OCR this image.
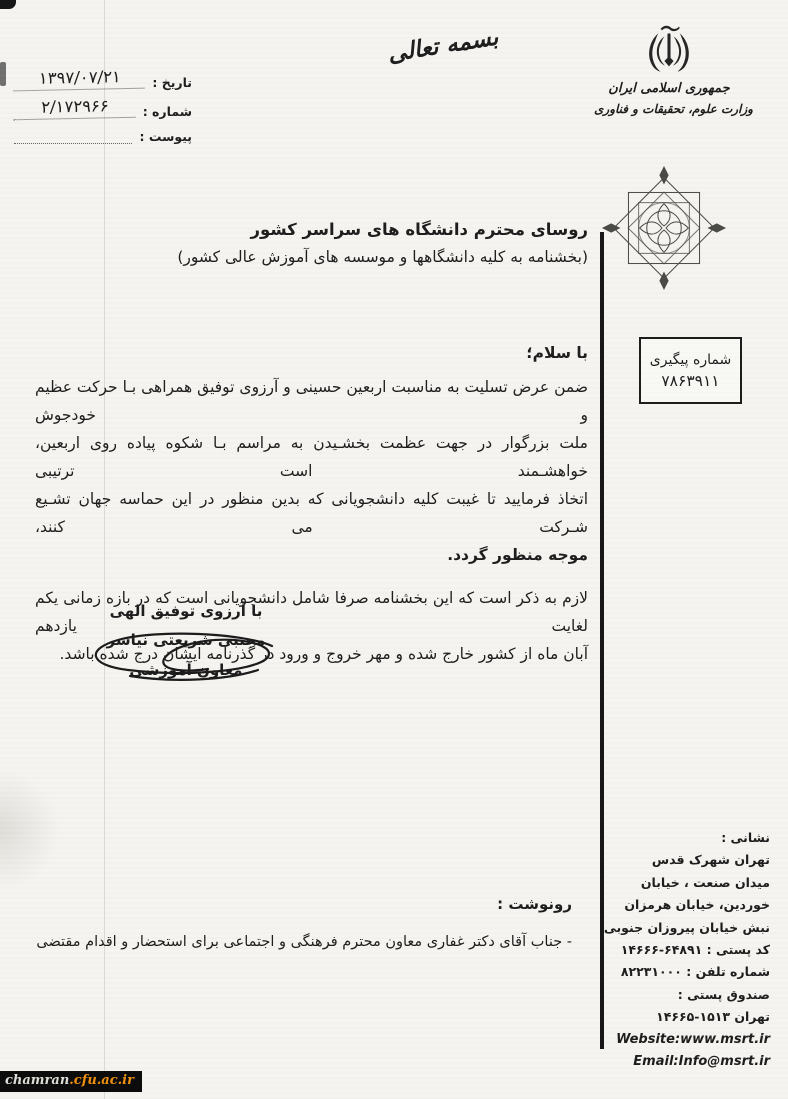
تاریخ :
۱۳۹۷/۰۷/۲۱
شماره :
۲/۱۷۲۹۶۶
پیوست :
بسمه تعالی
جمهوری اسلامی ایران
وزارت علوم، تحقیقات و فناوری
شماره پیگیری
۷۸۶۳۹۱۱
روسای محترم دانشگاه های سراسر کشور
(بخشنامه به کلیه دانشگاهها و موسسه های آموزش عالی کشور)
با سلام؛
ضمن عرض تسلیت به مناسبت اربعین حسینی و آرزوی توفیق همراهی بـا حرکت عظیم و خودجوش
ملت بزرگوار در جهت عظمت بخشـیدن به مراسم بـا شکوه پیاده روی اربعین، خواهشـمند است ترتیبی
اتخاذ فرمایید تا غیبت کلیه دانشجویانی که بدین منظور در این حماسه جهان تشـیع شـرکت می کنند،
موجه منظور گردد.
لازم به ذکر است که این بخشنامه صرفا شامل دانشجویانی است که در بازه زمانی یکم لغایت یازدهم
آبان ماه از کشور خارج شده و مهر خروج و ورود در گذرنامه ایشان درج شده باشد.
با آرزوی توفیق الهی
مجتبی شریعتی نیاسر
معاون آموزشی
رونوشت :
- جناب آقای دکتر غفاری معاون محترم فرهنگی و اجتماعی برای استحضار و اقدام مقتضی
نشانی :
تهران شهرک قدس
میدان صنعت ، خیابان
خوردین، خیابان هرمزان
نبش خیابان پیروزان جنوبی
کد پستی : ۶۴۸۹۱-۱۴۶۶۶
شماره تلفن : ۸۲۲۳۱۰۰۰
صندوق پستی :
تهران ۱۵۱۳-۱۴۶۶۵
Website:www.msrt.ir
Email:Info@msrt.ir
chamran.cfu.ac.ir
